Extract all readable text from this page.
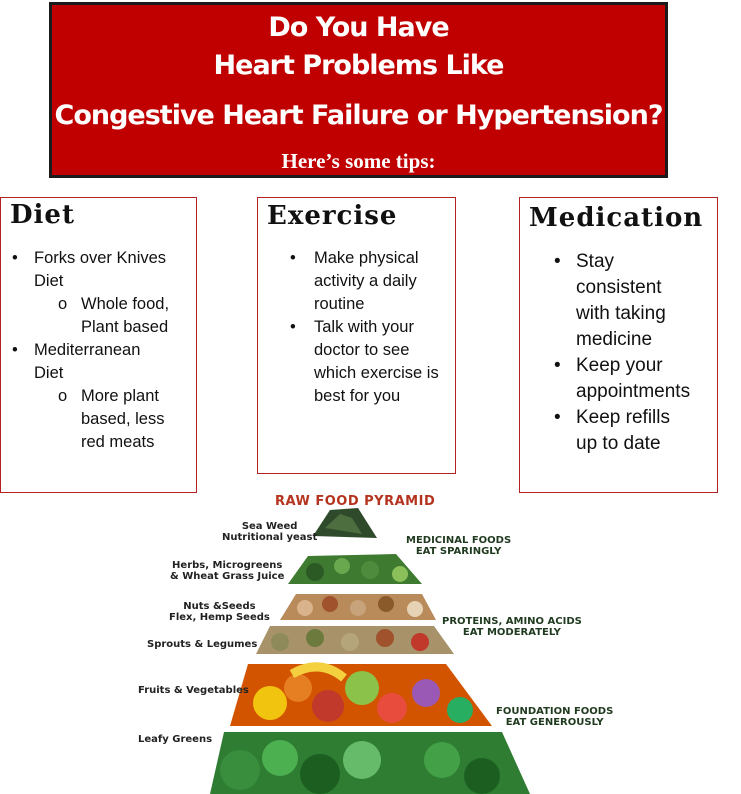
Do You Have
Heart Problems Like
Congestive Heart Failure or Hypertension?
Here’s some tips:
Diet
• Forks over Knives Diet
o Whole food, Plant based
• Mediterranean Diet
o More plant based, less red meats
Exercise
• Make physical activity a daily routine
• Talk with your doctor to see which exercise is best for you
Medication
• Stay consistent with taking medicine
• Keep your appointments
• Keep refills up to date
RAW FOOD PYRAMID
Sea Weed
Nutritional yeast
Herbs, Microgreens
& Wheat Grass Juice
Nuts &Seeds
Flex, Hemp Seeds
Sprouts & Legumes
Fruits & Vegetables
Leafy Greens
MEDICINAL FOODS
EAT SPARINGLY
PROTEINS, AMINO ACIDS
EAT MODERATELY
FOUNDATION FOODS
EAT GENEROUSLY
